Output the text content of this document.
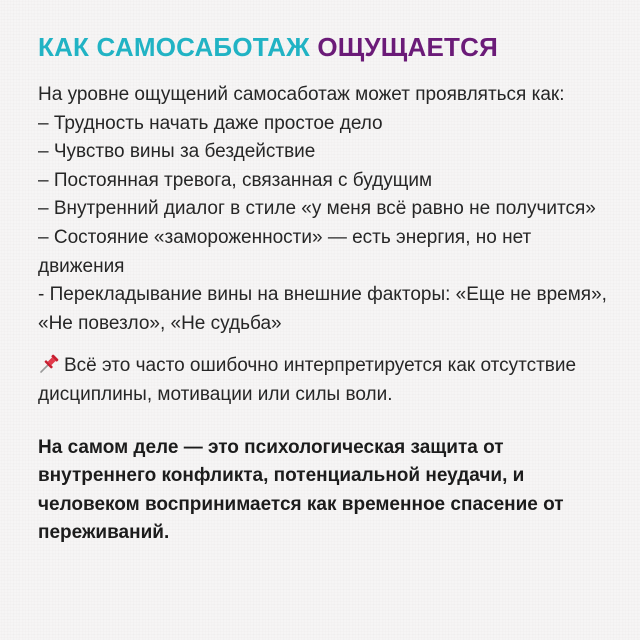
КАК САМОСАБОТАЖ ОЩУЩАЕТСЯ

На уровне ощущений самосаботаж может проявляться как:

– Трудность начать даже простое дело
– Чувство вины за бездействие
– Постоянная тревога, связанная с будущим
– Внутренний диалог в стиле «у меня всё равно не получится»
– Состояние «замороженности» — есть энергия, но нет движения
- Перекладывание вины на внешние факторы: «Еще не время», «Не повезло», «Не судьба»

Всё это часто ошибочно интерпретируется как отсутствие дисциплины, мотивации или силы воли.

На самом деле — это психологическая защита от внутреннего конфликта, потенциальной неудачи, и человеком воспринимается как временное спасение от переживаний.
